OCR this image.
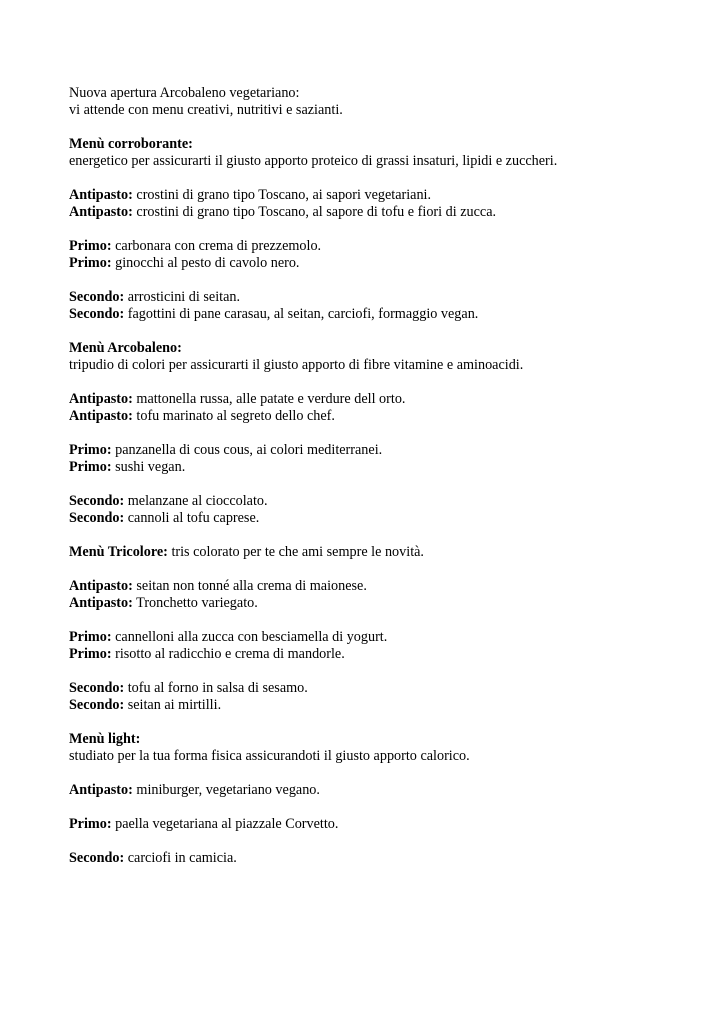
Nuova apertura Arcobaleno vegetariano:

vi attende con menu creativi, nutritivi e sazianti.

Menù corroborante:

energetico per assicurarti il giusto apporto proteico di grassi insaturi, lipidi e zuccheri.

Antipasto: crostini di grano tipo Toscano, ai sapori vegetariani.

Antipasto: crostini di grano tipo Toscano, al sapore di tofu e fiori di zucca.

Primo: carbonara con crema di prezzemolo.

Primo: ginocchi al pesto di cavolo nero.

Secondo: arrosticini di seitan.

Secondo: fagottini di pane carasau, al seitan, carciofi, formaggio vegan.

Menù Arcobaleno:

tripudio di colori per assicurarti il giusto apporto di fibre vitamine e aminoacidi.

Antipasto: mattonella russa, alle patate e verdure dell orto.

Antipasto: tofu marinato al segreto dello chef.

Primo: panzanella di cous cous, ai colori mediterranei.

Primo: sushi vegan.

Secondo: melanzane al cioccolato.

Secondo: cannoli al tofu caprese.

Menù Tricolore: tris colorato per te che ami sempre le novità.

Antipasto: seitan non tonné alla crema di maionese.

Antipasto: Tronchetto variegato.

Primo: cannelloni alla zucca con besciamella di yogurt.

Primo: risotto al radicchio e crema di mandorle.

Secondo: tofu al forno in salsa di sesamo.

Secondo: seitan ai mirtilli.

Menù light:

studiato per la tua forma fisica assicurandoti il giusto apporto calorico.

Antipasto: miniburger, vegetariano vegano.

Primo: paella vegetariana al piazzale Corvetto.

Secondo: carciofi in camicia.
